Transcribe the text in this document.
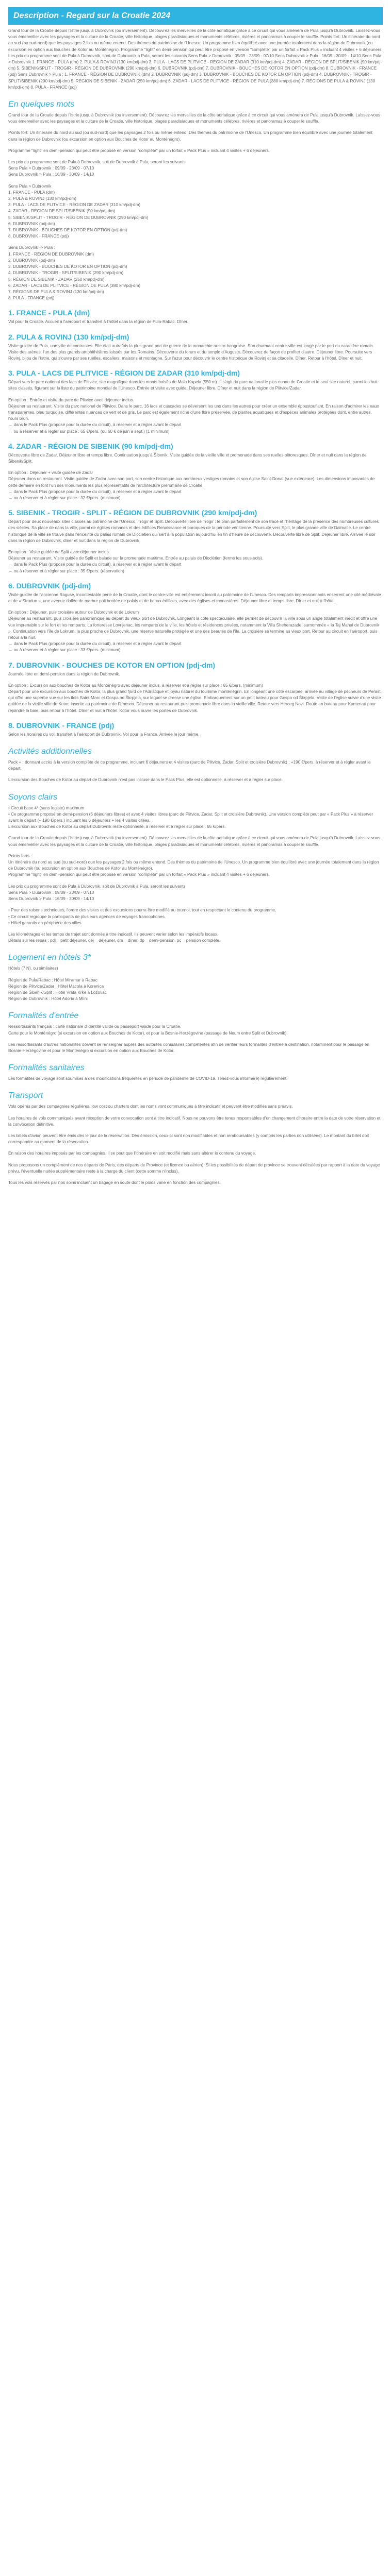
Description - Regard sur la Croatie 2024

Grand tour de la Croatie depuis l'Istrie jusqu'à Dubrovnik (ou inversement). Découvrez les merveilles de la côte adriatique grâce à ce circuit qui vous amènera de Pula jusqu'à Dubrovnik. Laissez-vous vous émerveiller avec les paysages et la culture de la Croatie, ville historique, plages paradisiaques et monuments célèbres, rivières et panoramas à couper le souffle. Points fort: Un itinéraire du nord au sud (ou sud-nord) que les paysages 2 fois ou même entend. Des thèmes de patrimoine de l'Unesco. Un programme bien équilibré avec une journée totalement dans la région de Dubrovnik (ou excursion en option aux Bouches de Kotor au Monténégro). Programme "light" en demi-pension qui peut être proposé en version "complète" par un forfait « Pack Plus » incluant 4 visites + 6 déjeuners. Les prix du programme sont de Pula à Dubrovnik, sont de Dubrovnik a Pula, seront les suivants Sens Pula > Dubrovnik : 09/09 - 23/09 - 07/10 Sens Dubrovnik > Pula : 16/09 - 30/09 - 14/10 Sens Pula > Dubrovnik 1. FRANCE - PULA (dm) 2. PULA & ROVINJ (130 km/pdj-dm) 3. PULA - LACS DE PLITVICE - RÉGION DE ZADAR (310 km/pdj-dm) 4. ZADAR - RÉGION DE SPLIT/SIBENIK (90 km/pdj-dm) 5. SIBENIK/SPLIT - TROGIR - RÉGION DE DUBROVNIK (290 km/pdj-dm) 6. DUBROVNIK (pdj-dm) 7. DUBROVNIK - BOUCHES DE KOTOR EN OPTION (pdj-dm) 8. DUBROVNIK - FRANCE (pdj) Sens Dubrovnik > Pula : 1. FRANCE - RÉGION DE DUBROVNIK (dm) 2. DUBROVNIK (pdj-dm) 3. DUBROVNIK - BOUCHES DE KOTOR EN OPTION (pdj-dm) 4. DUBROVNIK - TROGIR - SPLIT/SIBENIK (290 km/pdj-dm) 5. RÉGION DE SIBENIK - ZADAR (250 km/pdj-dm) 6. ZADAR - LACS DE PLITVICE - RÉGION DE PULA (380 km/pdj-dm) 7. RÉGIONS DE PULA & ROVINJ (130 km/pdj-dm) 8. PULA - FRANCE (pdj)

En quelques mots

Grand tour de la Croatie depuis l'Istrie jusqu'à Dubrovnik (ou inversement). Découvrez les merveilles de la côte adriatique grâce à ce circuit qui vous amènera de Pula jusqu'à Dubrovnik. Laissez-vous vous émerveiller avec les paysages et la culture de la Croatie, ville historique, plages paradisiaques et monuments célèbres, rivières et panoramas à couper le souffle.

Points fort: Un itinéraire du nord au sud (ou sud-nord) que les paysages 2 fois ou même entend. Des thèmes du patrimoine de l'Unesco. Un programme bien équilibré avec une journée totalement dans la région de Dubrovnik (ou excursion en option aux Bouches de Kotor au Monténégro).

Programme "light" en demi-pension qui peut être proposé en version "complète" par un forfait « Pack Plus » incluant 4 visites + 6 déjeuners.

Les prix du programme sont de Pula à Dubrovnik, soit de Dubrovnik à Pula, seront les suivants
Sens Pula > Dubrovnik : 09/09 - 23/09 - 07/10
Sens Dubrovnik > Pula : 16/09 - 30/09 - 14/10

Sens Pula > Dubrovnik
1. FRANCE - PULA (dm)
2. PULA & ROVINJ (130 km/pdj-dm)
3. PULA - LACS DE PLITVICE - RÉGION DE ZADAR (310 km/pdj-dm)
4. ZADAR - RÉGION DE SPLIT/SIBENIK (90 km/pdj-dm)
5. SIBENIK/SPLIT - TROGIR - RÉGION DE DUBROVNIK (290 km/pdj-dm)
6. DUBROVNIK (pdj-dm)
7. DUBROVNIK - BOUCHES DE KOTOR EN OPTION (pdj-dm)
8. DUBROVNIK - FRANCE (pdj)

Sens Dubrovnik -> Pula :
1. FRANCE - RÉGION DE DUBROVNIK (dm)
2. DUBROVNIK (pdj-dm)
3. DUBROVNIK - BOUCHES DE KOTOR EN OPTION (pdj-dm)
4. DUBROVNIK - TROGIR - SPLIT/SIBENIK (290 km/pdj-dm)
5. RÉGION DE SIBENIK - ZADAR (250 km/pdj-dm)
6. ZADAR - LACS DE PLITVICE - RÉGION DE PULA (380 km/pdj-dm)
7. RÉGIONS DE PULA & ROVINJ (130 km/pdj-dm)
8. PULA - FRANCE (pdj)

1. FRANCE - PULA (dm)

Vol pour la Croatie. Accueil à l'aéroport et transfert à l'hôtel dans la région de Pula-Rabac. Dîner.

2. PULA & ROVINJ (130 km/pdj-dm)

Visite guidée de Pula, une ville de contrastes. Elle était autrefois la plus grand port de guerre de la monarchie austro-hongroise. Son charmant centre-ville est longé par le port du caractère romain. Visite des arènes, l'un des plus grands amphithéâtres laissés par les Romains. Découverte du forum et du temple d'Auguste. Découvrez de façon de profiter d'autre. Déjeuner libre. Poursuite vers Rovinj, bijou de l'Istrie, qui s'ouvre par ses ruelles, escaliers, maisons et montagne. Sur l'azur pour découvrir le centre historique de Rovinj et sa citadelle. Dîner. Retour à l'hôtel. Dîner et nuit.

3. PULA - LACS DE PLITVICE - RÉGION DE ZADAR (310 km/pdj-dm)

Départ vers le parc national des lacs de Plitvice, site magnifique dans les monts boisés de Mala Kapela (550 m). Il s'agit du parc national le plus connu de Croatie et le seul site naturel, parmi les huit sites classés, figurant sur la liste du patrimoine mondial de l'Unesco. Entrée et visite avec guide. Déjeuner libre. Dîner et nuit dans la région de Plitvice/Zadar.

En option : Entrée et visite du parc de Plitvice avec déjeuner inclus.
Déjeuner au restaurant. Visite du parc national de Plitvice. Dans le parc, 16 lacs et cascades se déversent les uns dans les autres pour créer un ensemble époustouflant. En raison d'admirer les eaux transparentes, bleu turquoise, différentes nuances de vert et de gris. Le parc est également riche d'une flore préservée, de plantes aquatiques et d'espèces animales protégées dont, entre autres, l'ours brun.
→ dans le Pack Plus (proposé pour la durée du circuit), à réserver et à régler avant le départ
→ ou à réserver et à régler sur place : 65 €/pers. (ou 60 € de juin à sept.) (1 minimum)

4. ZADAR - RÉGION DE SIBENIK (90 km/pdj-dm)

Découverte libre de Zadar. Déjeuner libre et temps libre. Continuation jusqu'à Šibenik. Visite guidée de la vieille ville et promenade dans ses ruelles pittoresques. Dîner et nuit dans la région de Šibenik/Split.

En option : Déjeuner + visite guidée de Zadar
Déjeuner dans un restaurant. Visite guidée de Zadar avec son port, son centre historique aux nombreux vestiges romains et son église Saint-Donat (vue extérieure). Les dimensions imposantes de cette dernière en font l'un des monuments les plus représentatifs de l'architecture préromane de Croatie.
→ dans le Pack Plus (proposé pour la durée du circuit), à réserver et à régler avant le départ
→ ou à réserver et à régler sur place : 32 €/pers. (minimum)

5. SIBENIK - TROGIR - SPLIT - RÉGION DE DUBROVNIK (290 km/pdj-dm)

Départ pour deux nouveaux sites classés au patrimoine de l'Unesco. Trogir et Split. Découverte libre de Trogir : le plan parfaitement de son tracé et l'héritage de la présence des nombreuses cultures des siècles. Sa place de dans la ville, parmi de églises romanes et des édifices Renaissance et baroques de la période vénitienne. Poursuite vers Split, le plus grande ville de Dalmatie. Le centre historique de la ville se trouve dans l'enceinte du palais romain de Dioclétien qui sert à la population aujourd'hui en fin d'heure de découverte. Découverte libre de Split. Déjeuner libre. Arrivée le soir dans la région de Dubrovnik, dîner et nuit dans la région de Dubrovnik.

En option : Visite guidée de Split avec déjeuner inclus
Déjeuner au restaurant. Visite guidée de Split et balade sur la promenade maritime. Entrée au palais de Dioclétien (fermé les sous-sols).
→ dans le Pack Plus (proposé pour la durée du circuit), à réserver et à régler avant le départ
→ ou à réserver et à régler sur place : 35 €/pers. (réservation)

6. DUBROVNIK (pdj-dm)

Visite guidée de l'ancienne Raguse, incontestable perle de la Croatie, dont le centre-ville est entièrement inscrit au patrimoine de l'Unesco. Des remparts impressionnants enserrent une cité médiévale et de « Stradun », une avenue dallée de marbre poli bordée de palais et de beaux édifices, avec des églises et monastères. Déjeuner libre et temps libre. Dîner et nuit à l'hôtel.

En option : Déjeuner, puis croisière autour de Dubrovnik et de Lokrum
Déjeuner au restaurant, puis croisière panoramique au départ du vieux port de Dubrovnik. Longeant la côte spectaculaire, elle permet de découvrir la ville sous un angle totalement inédit et offre une vue imprenable sur le fort et les remparts. La forteresse Lovrijenac, les remparts de la ville, les hôtels et résidences privées, notamment la Villa Sheherazade, surnommée « la Taj Mahal de Dubrovnik ». Continuation vers l'île de Lokrum, la plus proche de Dubrovnik, une réserve naturelle protégée et une des beautés de l'île. La croisière se termine au vieux port. Retour au circuit en l'aéroport, puis retour à la nuit.
→ dans le Pack Plus (proposé pour la durée du circuit), à réserver et à régler avant le départ
→ ou à réserver et à régler sur place : 33 €/pers. (minimum)

7. DUBROVNIK - BOUCHES DE KOTOR EN OPTION (pdj-dm)

Journée libre en demi-pension dans la région de Dubrovnik.

En option : Excursion aux bouches de Kotor au Monténégro avec déjeuner inclus, à réserver et à régler sur place : 65 €/pers. (minimum)
Départ pour une excursion aux bouches de Kotor, la plus grand fjord de l'Adriatique et joyau naturel du tourisme monténégrin. En longeant une côte escarpée, arrivée au village de pêcheurs de Perast, qui offre une superbe vue sur les îlots Saint-Marc et Gospa od Škrpjela, sur lequel se dresse une église. Embarquement sur un petit bateau pour Gospa od Škrpjela. Visite de l'église suivie d'une visite guidée de la vieille ville de Kotor, inscrite au patrimoine de l'Unesco. Déjeuner au restaurant puis promenade libre dans la vieille ville. Retour vers Herceg Novi. Route en bateau pour Kamenari pour rejoindre la baie, puis retour à l'hôtel. Dîner et nuit à l'hôtel. Kotor vous ouvre les portes de Dubrovnik.

8. DUBROVNIK - FRANCE (pdj)

Selon les horaires du vol, transfert à l'aéroport de Dubrovnik. Vol pour la France. Arrivée le jour même.

Activités additionnelles

Pack + : donnant accès à la version complète de ce programme, incluant 6 déjeuners et 4 visites (parc de Plitvice, Zadar, Split et croisière Dubrovnik) : +190 €/pers. à réserver et à régler avant le départ.

L'excursion des Bouches de Kotor au départ de Dubrovnik n'est pas incluse dans le Pack Plus, elle est optionnelle, à réserver et à régler sur place.

Soyons clairs

• Circuit base 4* (sans logiste) maximum
• Ce programme proposé en demi-pension (6 déjeuners libres) et avec 4 visites libres (parc de Plitvice, Zadar, Split et croisière Dubrovnik). Une version complète peut par « Pack Plus » à réserver avant le départ (+ 190 €/pers.) incluant les 6 déjeuners + les 4 visites citées.
L'excursion aux Bouches de Kotor au départ Dubrovnik reste optionnelle, à réserver et à régler sur place : 65 €/pers.

Grand tour de la Croatie depuis l'Istrie jusqu'à Dubrovnik (ou inversement). Découvrez les merveilles de la côte adriatique grâce à ce circuit qui vous amènera de Pula jusqu'à Dubrovnik. Laissez-vous vous émerveiller avec les paysages et la culture de la Croatie, ville historique, plages paradisiaques et monuments célèbres, rivières et panoramas à couper le souffle.

Points forts :
Un itinéraire du nord au sud (ou sud-nord) que les paysages 2 fois ou même entend. Des thèmes du patrimoine de l'Unesco. Un programme bien équilibré avec une journée totalement dans la région de Dubrovnik (ou excursion en option aux Bouches de Kotor au Monténégro).
Programme "light" en demi-pension qui peut être proposé en version "complète" par un forfait « Pack Plus » incluant 4 visites + 6 déjeuners.

Les prix du programme sont de Pula à Dubrovnik, soit de Dubrovnik à Pula, seront les suivants
Sens Pula > Dubrovnik : 09/09 - 23/09 - 07/10
Sens Dubrovnik > Pula : 16/09 - 30/09 - 14/10

• Pour des raisons techniques, l'ordre des visites et des excursions pourra être modifié au tournoi, tout en respectant le contenu du programme.
• Ce circuit regroupe la participants de plusieurs agences de voyages francophones.
• Hôtel garantis en périphérie des villes.

Les kilométrages et les temps de trajet sont donnés à titre indicatif. Ils peuvent varier selon les impératifs locaux.
Détails sur les repas : pdj = petit déjeuner, déj = déjeuner, dm = dîner, dp = demi-pension, pc = pension complète.

Logement en hôtels 3*

Hôtels (7 N), ou similaires)

Région de Pula/Rabac : Hôtel Miramar à Rabac
Région de Plitvice/Zadar : Hôtel Macola à Korenica
Région de Šibenik/Split : Hôtel Vrata Krke à Lozovac
Région de Dubrovnik : Hôtel Adoria à Mlini

Formalités d'entrée

Ressortissants français : carte nationale d'identité valide ou passeport valide pour la Croatie.
Carte pour le Monténégro (si excursion en option aux Bouches de Kotor), et pour la Bosnie-Herzégovine (passage de Neum entre Split et Dubrovnik).

Les ressortissants d'autres nationalités doivent se renseigner auprès des autorités consulaires compétentes afin de vérifier leurs formalités d'entrée à destination, notamment pour le passage en Bosnie-Herzégovine et pour le Monténégro si excursion en option aux Bouches de Kotor.

Formalités sanitaires

Les formalités de voyage sont soumises à des modifications fréquentes en période de pandémie de COVID-19. Tenez-vous informé(e) régulièrement.

Transport

Vols opérés par des compagnies régulières, low cost ou charters dont les noms vont communiqués à titre indicatif et peuvent être modifiés sans préavis.

Les horaires de vols communiqués avant réception de votre convocation sont à titre indicatif. Nous ne pouvons être tenus responsables d'un changement d'horaire entre la date de votre réservation et la convocation définitive.

Les billets d'avion peuvent être émis dès le jour de la réservation. Dès émission, ceux-ci sont non modifiables et non remboursables (y compris les parties non utilisées). Le montant du billet doit correspondre au moment de la réservation.

En raison des horaires imposés par les compagnies, il se peut que l'itinéraire en soit modifié mais sans altérer le contenu du voyage.

Nous proposons un complément de nos départs de Paris, des départs de Province (et licence ou aérien). Si les possibilités de départ de province se trouvent décalées par rapport à la date du voyage prévu, l'éventuelle nuitée supplémentaire reste à la charge du client (cette somme n'inclus).

Tous les vols réservés par nos soins incluent un bagage en soute dont le poids varie en fonction des compagnies.
